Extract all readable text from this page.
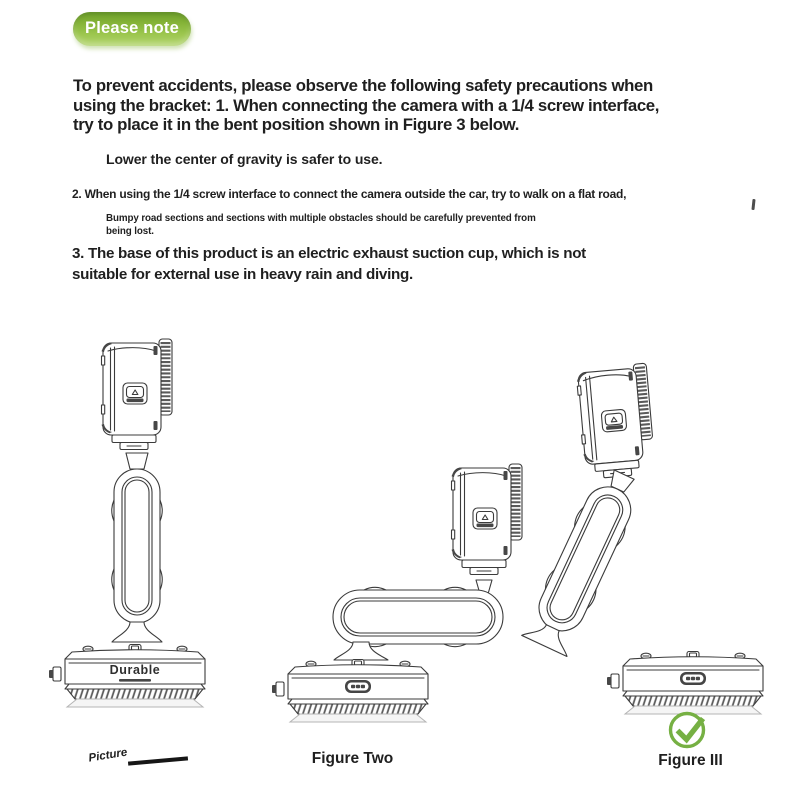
Please note
To prevent accidents, please observe the following safety precautions when
using the bracket: 1. When connecting the camera with a 1/4 screw interface,
try to place it in the bent position shown in Figure 3 below.
Lower the center of gravity is safer to use.
2. When using the 1/4 screw interface to connect the camera outside the car, try to walk on a flat road,
Bumpy road sections and sections with multiple obstacles should be carefully prevented from
being lost.
3. The base of this product is an electric exhaust suction cup, which is not
suitable for external use in heavy rain and diving.
Durable
Picture	Figure Two	Figure III
